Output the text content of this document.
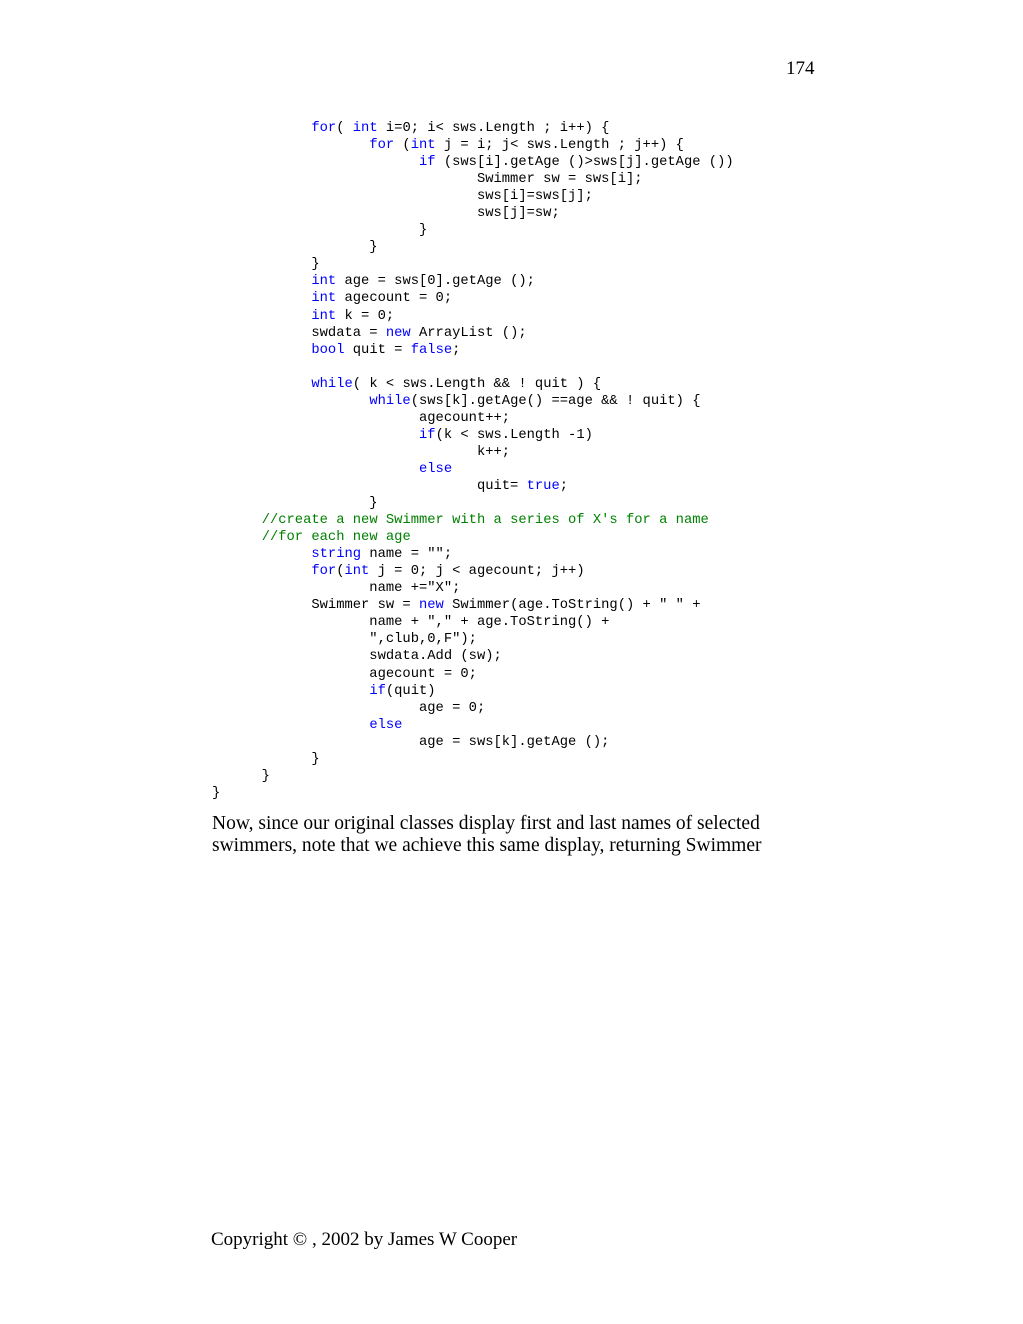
174
for( int i=0; i< sws.Length ; i++) {
for (int j = i; j< sws.Length ; j++) {
if (sws[i].getAge ()>sws[j].getAge ())
Swimmer sw = sws[i];
sws[i]=sws[j];
sws[j]=sw;
}
}
}
int age = sws[0].getAge ();
int agecount = 0;
int k = 0;
swdata = new ArrayList ();
bool quit = false;
while( k < sws.Length && ! quit ) {
while(sws[k].getAge() ==age && ! quit) {
agecount++;
if(k < sws.Length -1)
k++;
else
quit= true;
}
//create a new Swimmer with a series of X's for a name
//for each new age
string name = "";
for(int j = 0; j < agecount; j++)
name +="X";
Swimmer sw = new Swimmer(age.ToString() + " " +
name + "," + age.ToString() +
",club,0,F");
swdata.Add (sw);
agecount = 0;
if(quit)
age = 0;
else
age = sws[k].getAge ();
}
}
}
Now, since our original classes display first and last names of selected
swimmers, note that we achieve this same display, returning Swimmer
Copyright © , 2002 by James W Cooper
